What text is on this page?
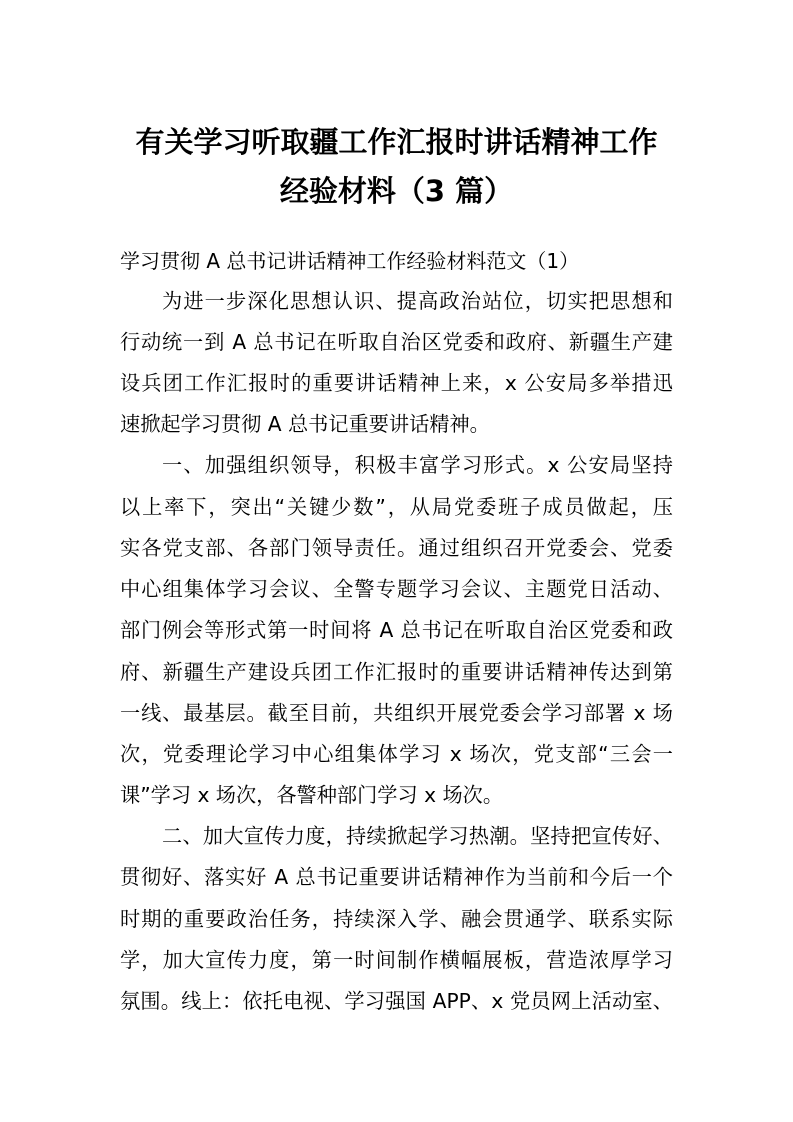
有关学习听取疆工作汇报时讲话精神工作
经验材料（3 篇）
学习贯彻 A 总书记讲话精神工作经验材料范文（1）
为进一步深化思想认识、提高政治站位，切实把思想和
行动统一到 A 总书记在听取自治区党委和政府、新疆生产建
设兵团工作汇报时的重要讲话精神上来，x 公安局多举措迅
速掀起学习贯彻 A 总书记重要讲话精神。
一、加强组织领导，积极丰富学习形式。x 公安局坚持
以上率下，突出“关键少数”，从局党委班子成员做起，压
实各党支部、各部门领导责任。通过组织召开党委会、党委
中心组集体学习会议、全警专题学习会议、主题党日活动、
部门例会等形式第一时间将 A 总书记在听取自治区党委和政
府、新疆生产建设兵团工作汇报时的重要讲话精神传达到第
一线、最基层。截至目前，共组织开展党委会学习部署 x 场
次，党委理论学习中心组集体学习 x 场次，党支部“三会一
课”学习 x 场次，各警种部门学习 x 场次。
二、加大宣传力度，持续掀起学习热潮。坚持把宣传好、
贯彻好、落实好 A 总书记重要讲话精神作为当前和今后一个
时期的重要政治任务，持续深入学、融会贯通学、联系实际
学，加大宣传力度，第一时间制作横幅展板，营造浓厚学习
氛围。线上：依托电视、学习强国 APP、x 党员网上活动室、
